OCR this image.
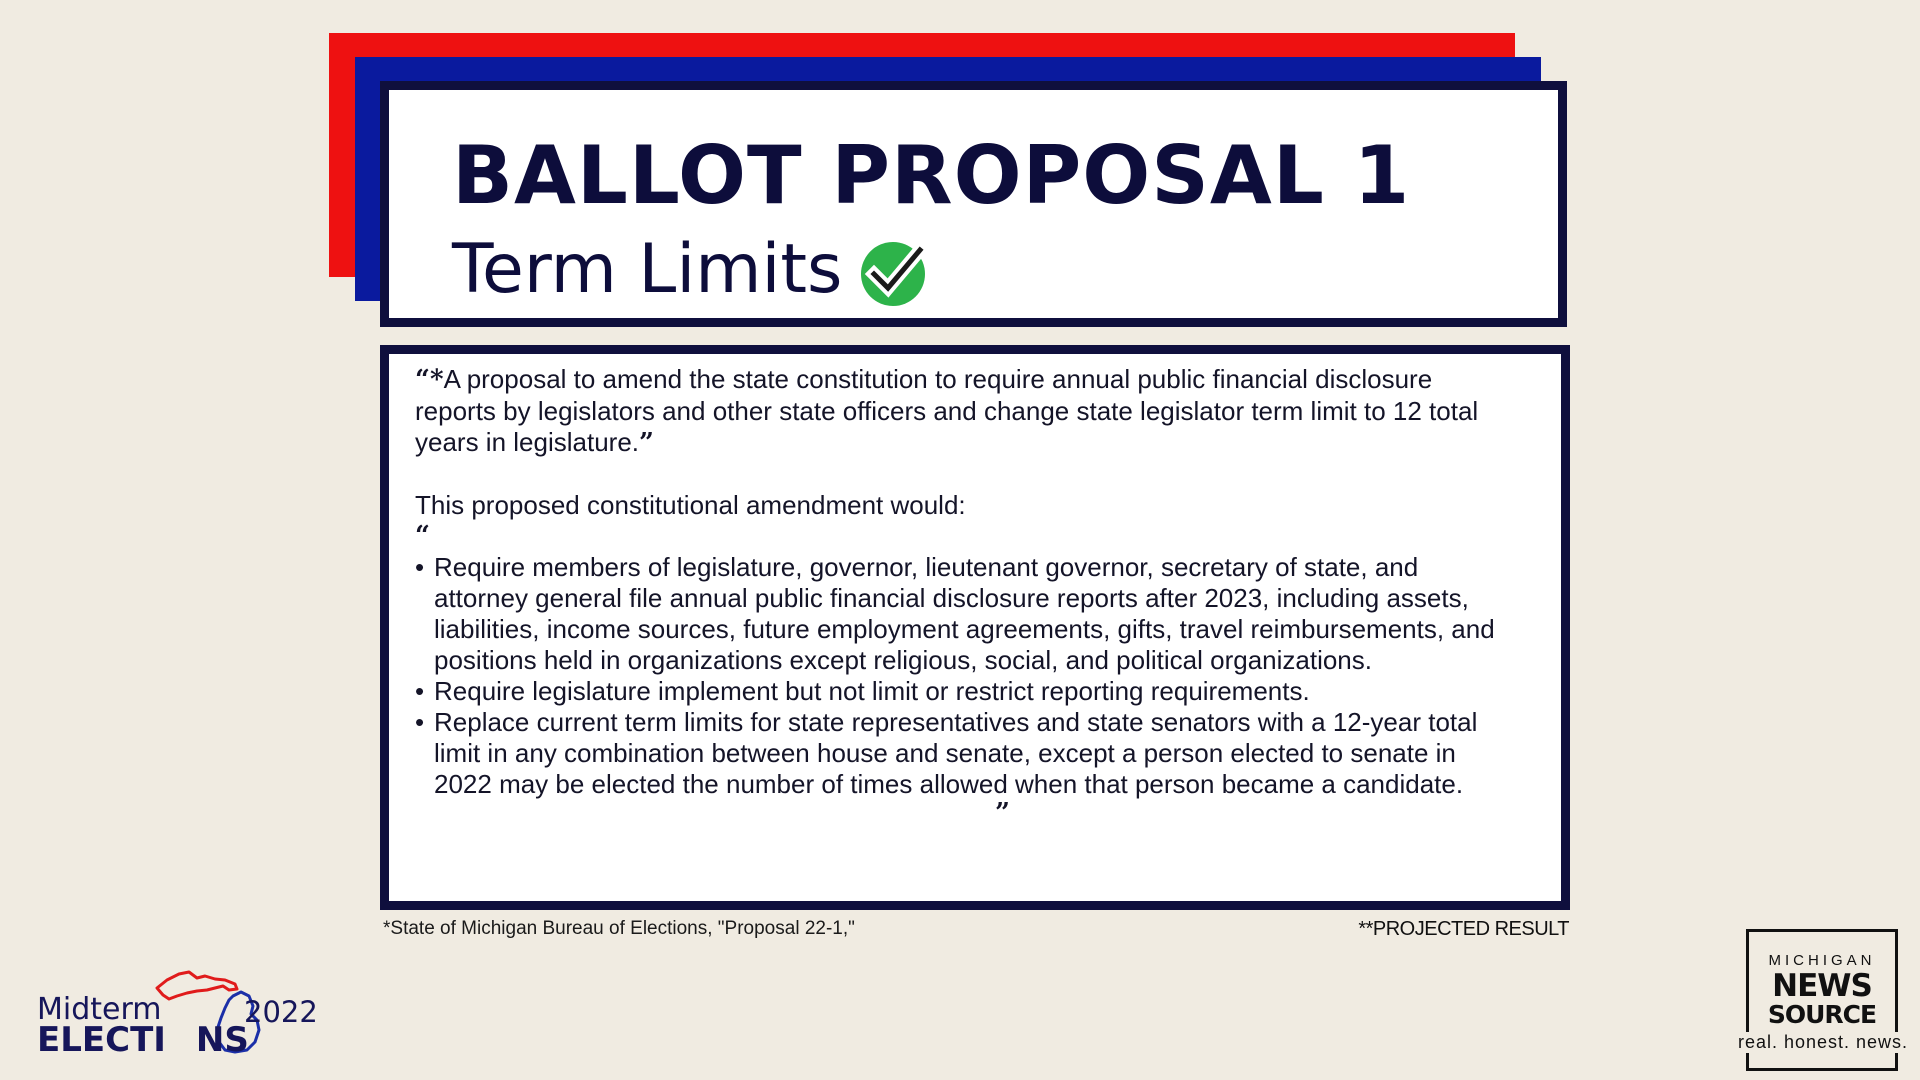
BALLOT PROPOSAL 1
Term Limits

“*A proposal to amend the state constitution to require annual public financial disclosure reports by legislators and other state officers and change state legislator term limit to 12 total years in legislature.”

This proposed constitutional amendment would:

“

• Require members of legislature, governor, lieutenant governor, secretary of state, and attorney general file annual public financial disclosure reports after 2023, including assets, liabilities, income sources, future employment agreements, gifts, travel reimbursements, and positions held in organizations except religious, social, and political organizations.
• Require legislature implement but not limit or restrict reporting requirements.
• Replace current term limits for state representatives and state senators with a 12-year total limit in any combination between house and senate, except a person elected to senate in 2022 may be elected the number of times allowed when that person became a candidate.

”

*State of Michigan Bureau of Elections, "Proposal 22-1,"	**PROJECTED RESULT
Midterm	2022
ELECTI NS
MICHIGAN
NEWS
SOURCE
real. honest. news.
